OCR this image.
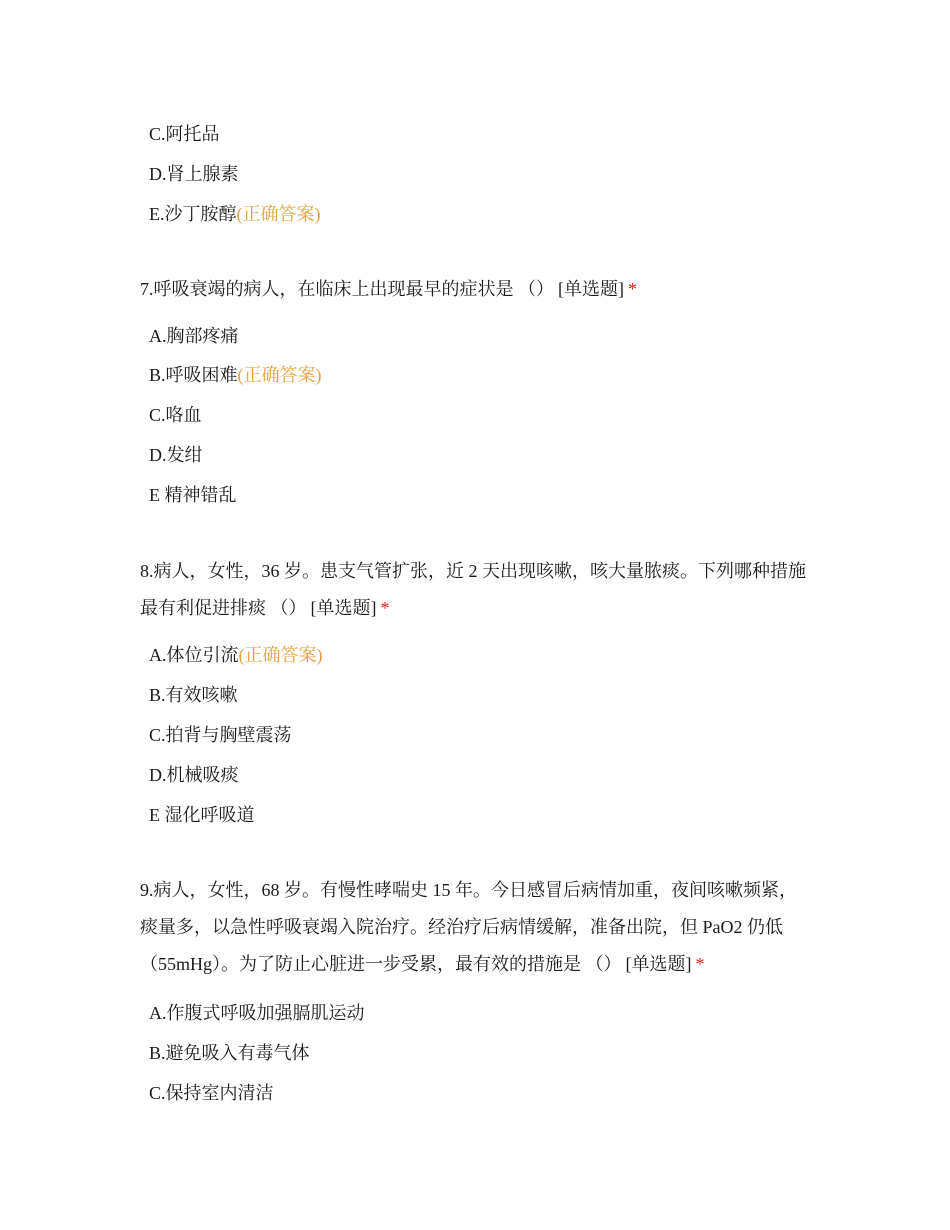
C.阿托品
D.肾上腺素
E.沙丁胺醇(正确答案)
7.呼吸衰竭的病人，在临床上出现最早的症状是 （） [单选题] *
A.胸部疼痛
B.呼吸困难(正确答案)
C.咯血
D.发绀
E 精神错乱
8.病人，女性，36 岁。患支气管扩张，近 2 天出现咳嗽，咳大量脓痰。下列哪种措施最有利促进排痰 （） [单选题] *
A.体位引流(正确答案)
B.有效咳嗽
C.拍背与胸壁震荡
D.机械吸痰
E 湿化呼吸道
9.病人，女性，68 岁。有慢性哮喘史 15 年。今日感冒后病情加重，夜间咳嗽频紧，痰量多，以急性呼吸衰竭入院治疗。经治疗后病情缓解，准备出院，但 PaO2 仍低（55mHg）。为了防止心脏进一步受累，最有效的措施是 （） [单选题] *
A.作腹式呼吸加强膈肌运动
B.避免吸入有毒气体
C.保持室内清洁
